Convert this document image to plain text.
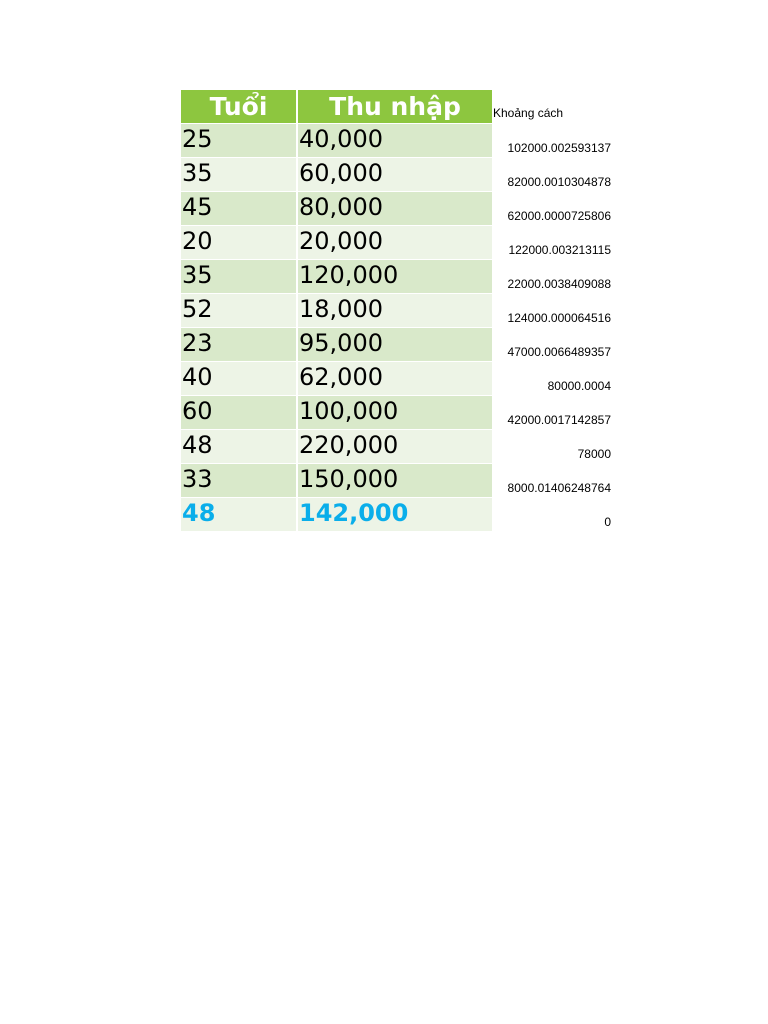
Tuổi	Thu nhập	Khoảng cách
25	40,000	102000.002593137
35	60,000	82000.0010304878
45	80,000	62000.0000725806
20	20,000	122000.003213115
35	120,000	22000.0038409088
52	18,000	124000.000064516
23	95,000	47000.0066489357
40	62,000	80000.0004
60	100,000	42000.0017142857
48	220,000	78000
33	150,000	8000.01406248764
48	142,000	0
